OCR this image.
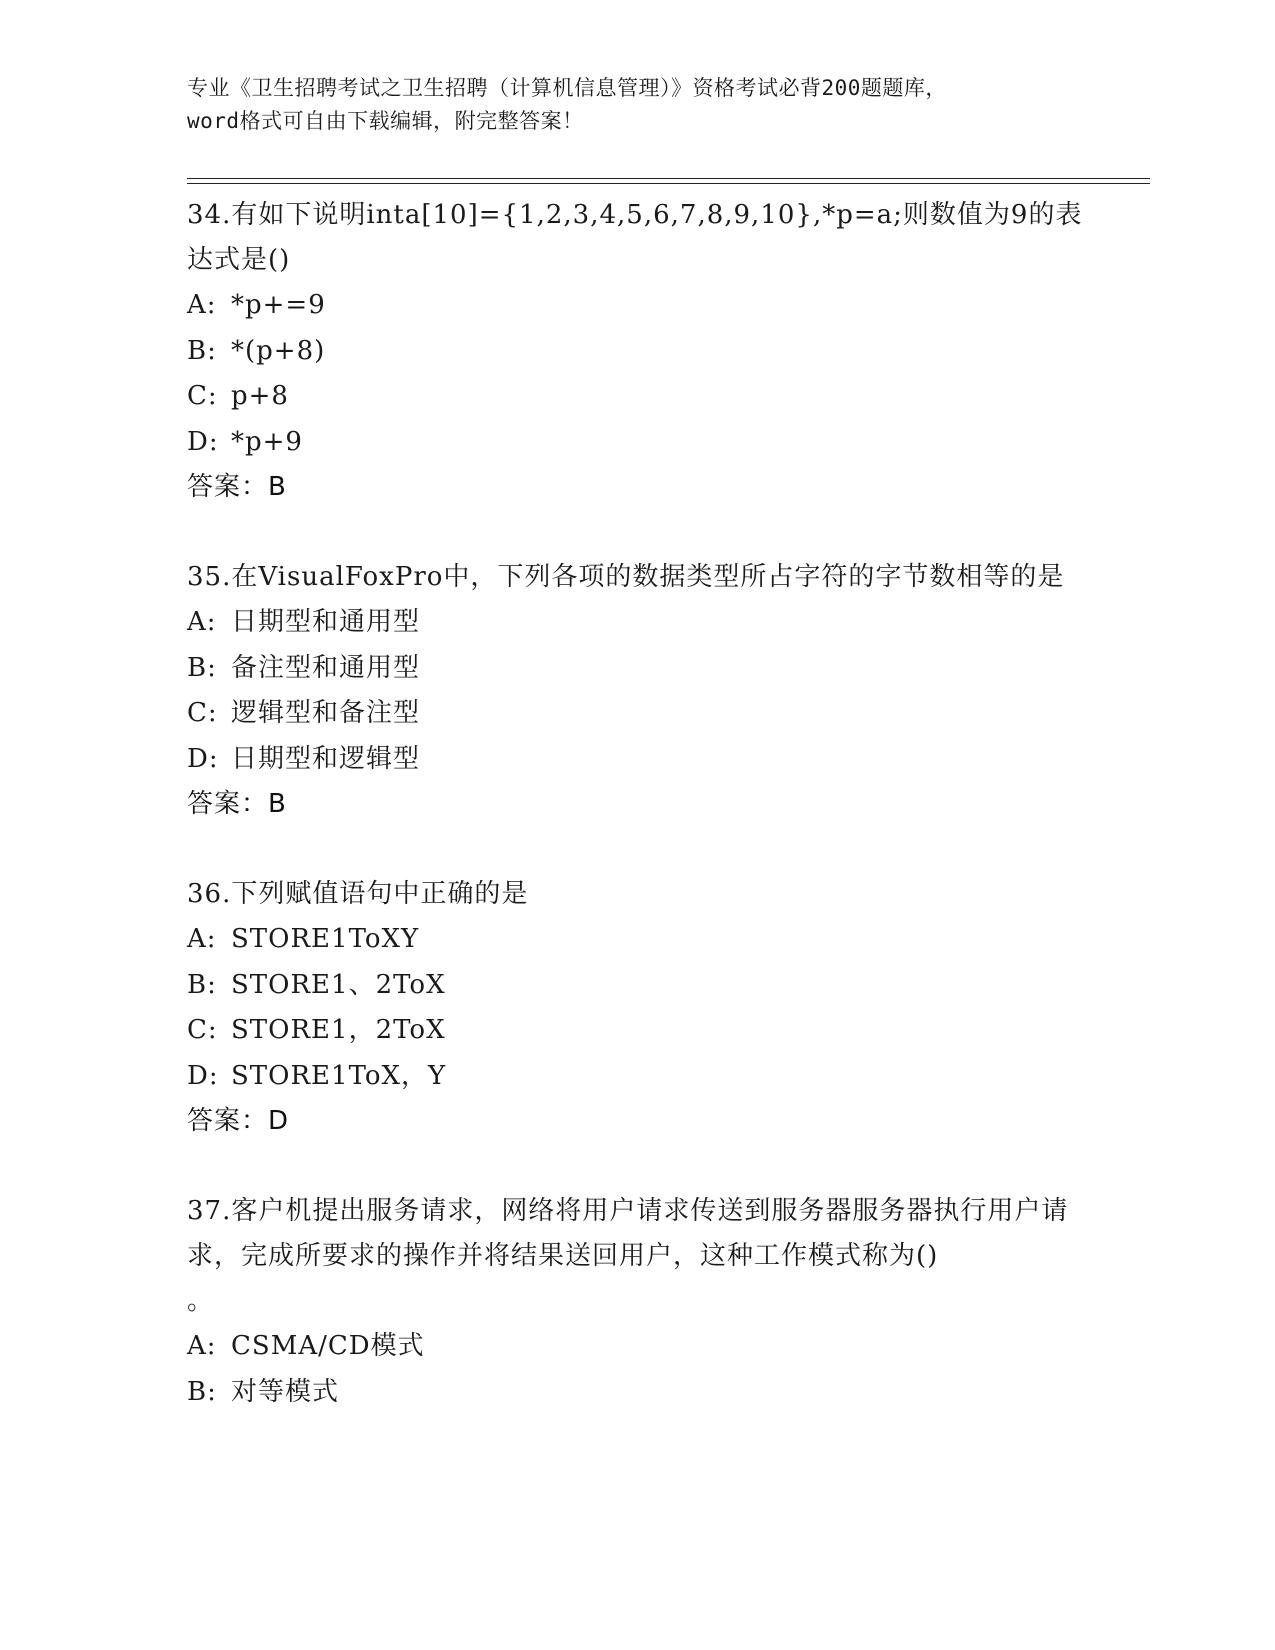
专业《卫生招聘考试之卫生招聘（计算机信息管理）》资格考试必背200题题库，
word格式可自由下载编辑，附完整答案！
34.有如下说明inta[10]={1,2,3,4,5,6,7,8,9,10},*p=a;则数值为9的表达式是()
A: *p+=9
B: *(p+8)
C: p+8
D: *p+9
答案：B
35.在VisualFoxPro中，下列各项的数据类型所占字符的字节数相等的是
A: 日期型和通用型
B: 备注型和通用型
C: 逻辑型和备注型
D: 日期型和逻辑型
答案：B
36.下列赋值语句中正确的是
A: STORE1ToXY
B: STORE1、2ToX
C: STORE1，2ToX
D: STORE1ToX，Y
答案：D
37.客户机提出服务请求，网络将用户请求传送到服务器服务器执行用户请求，完成所要求的操作并将结果送回用户，这种工作模式称为()
。
A: CSMA/CD模式
B: 对等模式
